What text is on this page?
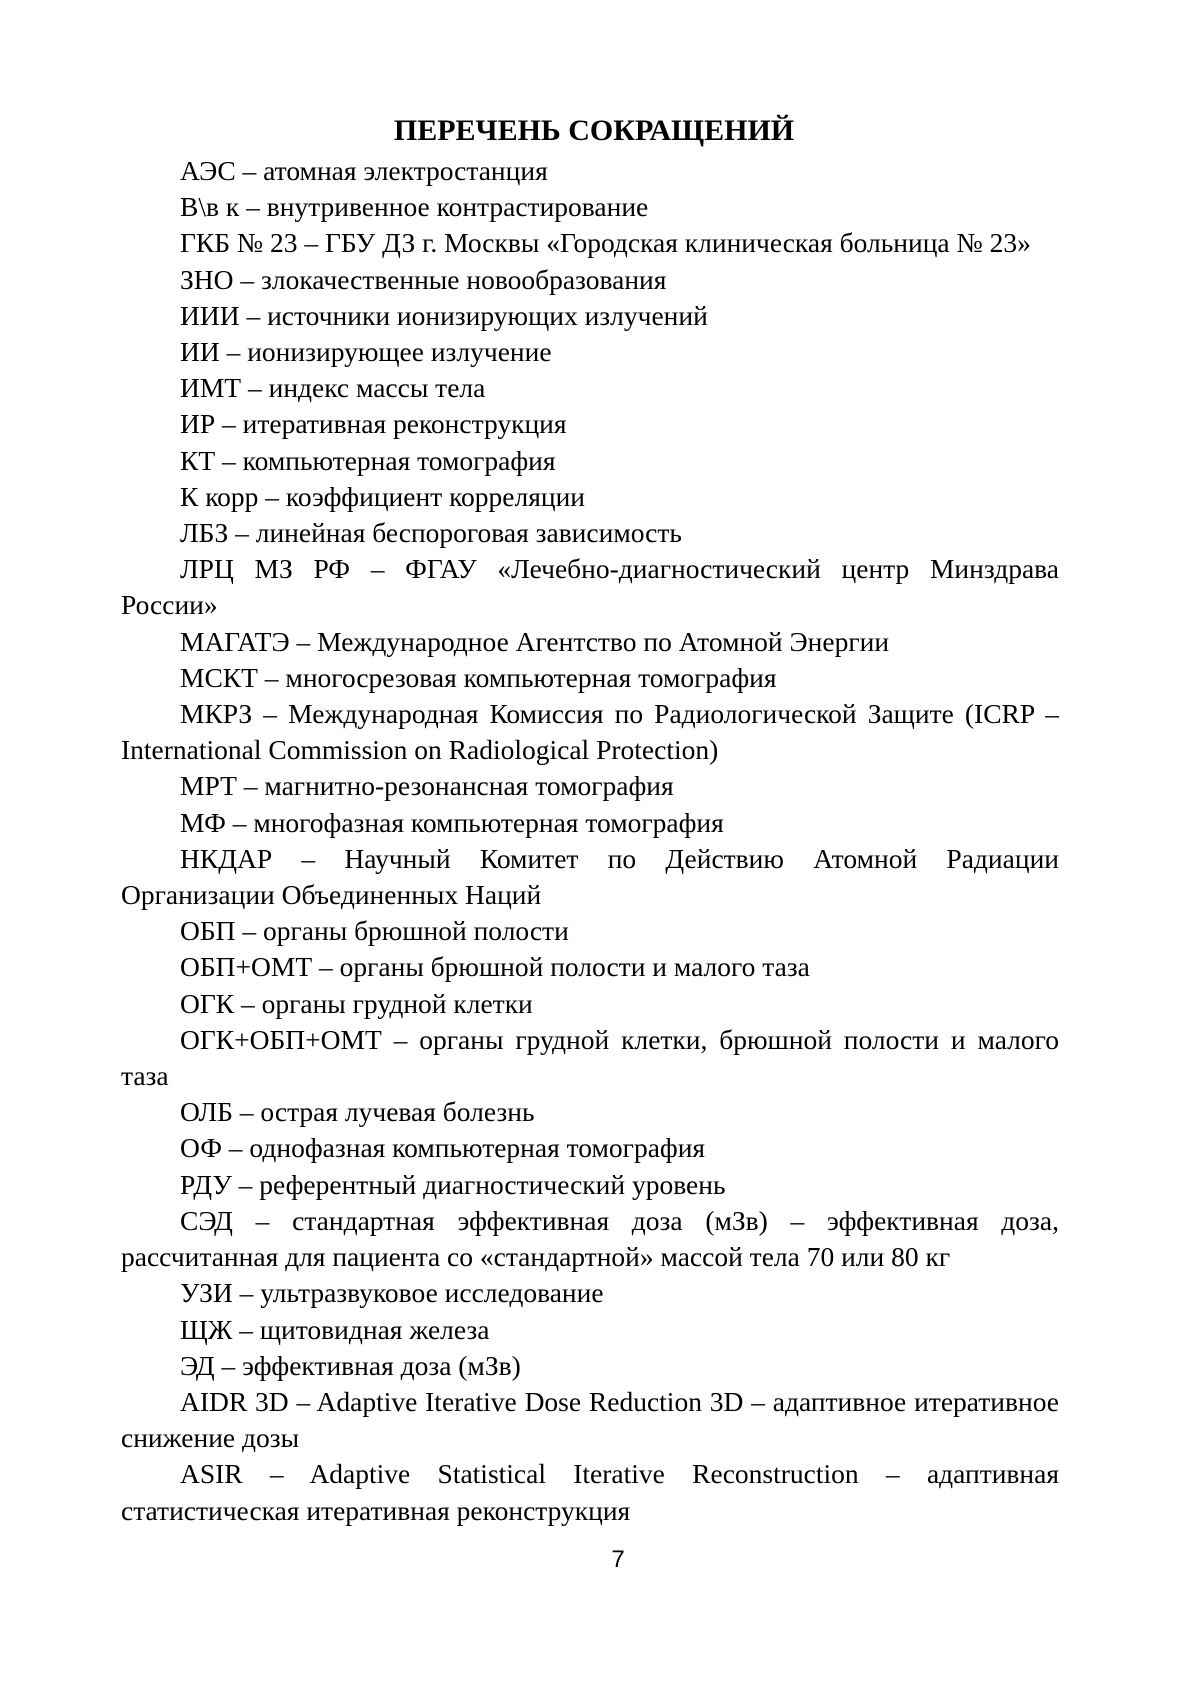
ПЕРЕЧЕНЬ СОКРАЩЕНИЙ
АЭС – атомная электростанция
В\в к – внутривенное контрастирование
ГКБ № 23 – ГБУ ДЗ г. Москвы «Городская клиническая больница № 23»
ЗНО – злокачественные новообразования
ИИИ – источники ионизирующих излучений
ИИ – ионизирующее излучение
ИМТ – индекс массы тела
ИР – итеративная реконструкция
КТ – компьютерная томография
К корр – коэффициент корреляции
ЛБЗ – линейная беспороговая зависимость
ЛРЦ МЗ РФ – ФГАУ «Лечебно-диагностический центр Минздрава России»
МАГАТЭ – Международное Агентство по Атомной Энергии
МСКТ – многосрезовая компьютерная томография
МКРЗ – Международная Комиссия по Радиологической Защите (ICRP – International Commission on Radiological Protection)
МРТ – магнитно-резонансная томография
МФ – многофазная компьютерная томография
НКДАР – Научный Комитет по Действию Атомной Радиации Организации Объединенных Наций
ОБП – органы брюшной полости
ОБП+ОМТ – органы брюшной полости и малого таза
ОГК – органы грудной клетки
ОГК+ОБП+ОМТ – органы грудной клетки, брюшной полости и малого таза
ОЛБ – острая лучевая болезнь
ОФ – однофазная компьютерная томография
РДУ – референтный диагностический уровень
СЭД – стандартная эффективная доза (мЗв) – эффективная доза, рассчитанная для пациента со «стандартной» массой тела 70 или 80 кг
УЗИ – ультразвуковое исследование
ЩЖ – щитовидная железа
ЭД – эффективная доза (мЗв)
AIDR 3D – Adaptive Iterative Dose Reduction 3D – адаптивное итеративное снижение дозы
ASIR – Adaptive Statistical Iterative Reconstruction – адаптивная статистическая итеративная реконструкция
7
